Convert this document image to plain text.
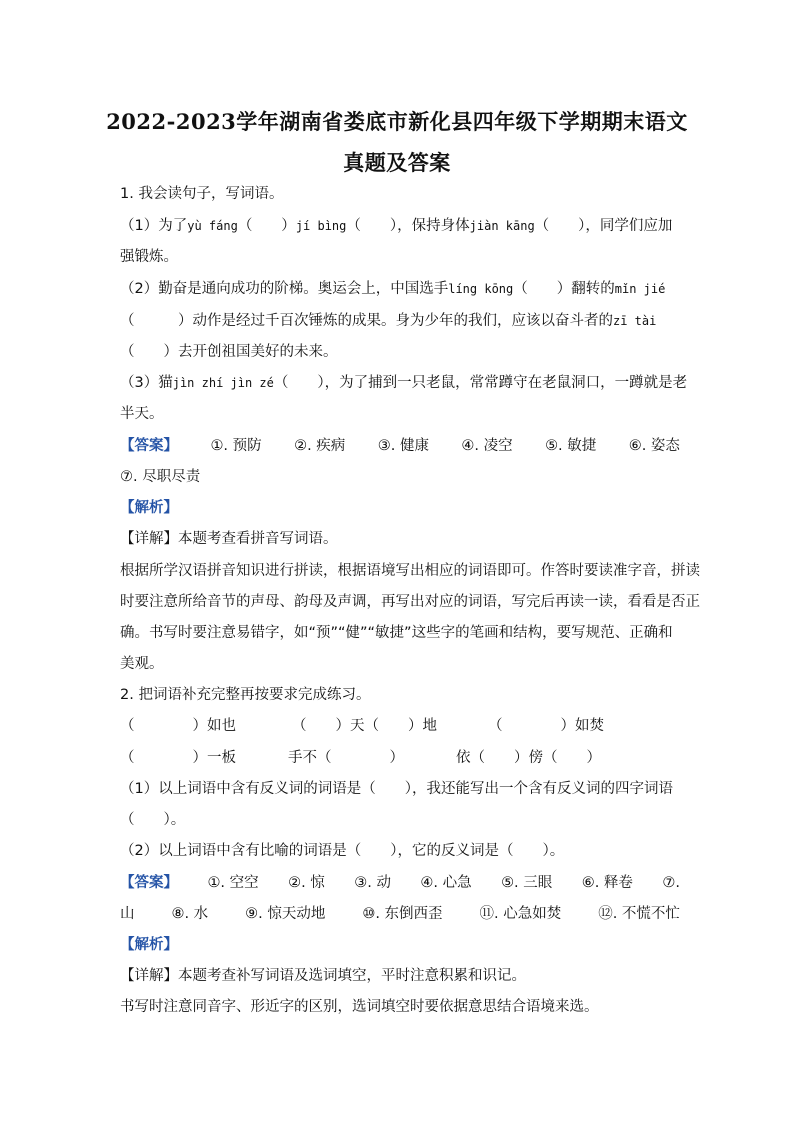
2022-2023学年湖南省娄底市新化县四年级下学期期末语文
真题及答案
1. 我会读句子，写词语。
（1）为了yù fáng（　　）jí bìng（　　），保持身体jiàn kāng（　　），同学们应加
强锻炼。
（2）勤奋是通向成功的阶梯。奥运会上，中国选手líng kōng（　　）翻转的mǐn jié
（　　　）动作是经过千百次锤炼的成果。身为少年的我们，应该以奋斗者的zī tài
（　　）去开创祖国美好的未来。
（3）猫jìn zhí jìn zé（　　），为了捕到一只老鼠，常常蹲守在老鼠洞口，一蹲就是老
半天。
【答案】 ①. 预防 ②. 疾病 ③. 健康 ④. 凌空 ⑤. 敏捷 ⑥. 姿态
⑦. 尽职尽责
【解析】
【详解】本题考查看拼音写词语。
根据所学汉语拼音知识进行拼读，根据语境写出相应的词语即可。作答时要读准字音，拼读
时要注意所给音节的声母、韵母及声调，再写出对应的词语，写完后再读一读，看看是否正
确。书写时要注意易错字，如“预”“健”“敏捷”这些字的笔画和结构，要写规范、正确和
美观。
2. 把词语补充完整再按要求完成练习。
（　　　　）如也	（　　）天（　　）地	（　　　　）如焚
（　　　　）一板	手不（　　　　）	依（　　）傍（　　）
（1）以上词语中含有反义词的词语是（　　），我还能写出一个含有反义词的四字词语
（　　）。
（2）以上词语中含有比喻的词语是（　　），它的反义词是（　　）。
【答案】 ①. 空空 ②. 惊 ③. 动 ④. 心急 ⑤. 三眼 ⑥. 释卷 ⑦.
山	⑧. 水	⑨. 惊天动地	⑩. 东倒西歪	⑪. 心急如焚	⑫. 不慌不忙
【解析】
【详解】本题考查补写词语及选词填空，平时注意积累和识记。
书写时注意同音字、形近字的区别，选词填空时要依据意思结合语境来选。
